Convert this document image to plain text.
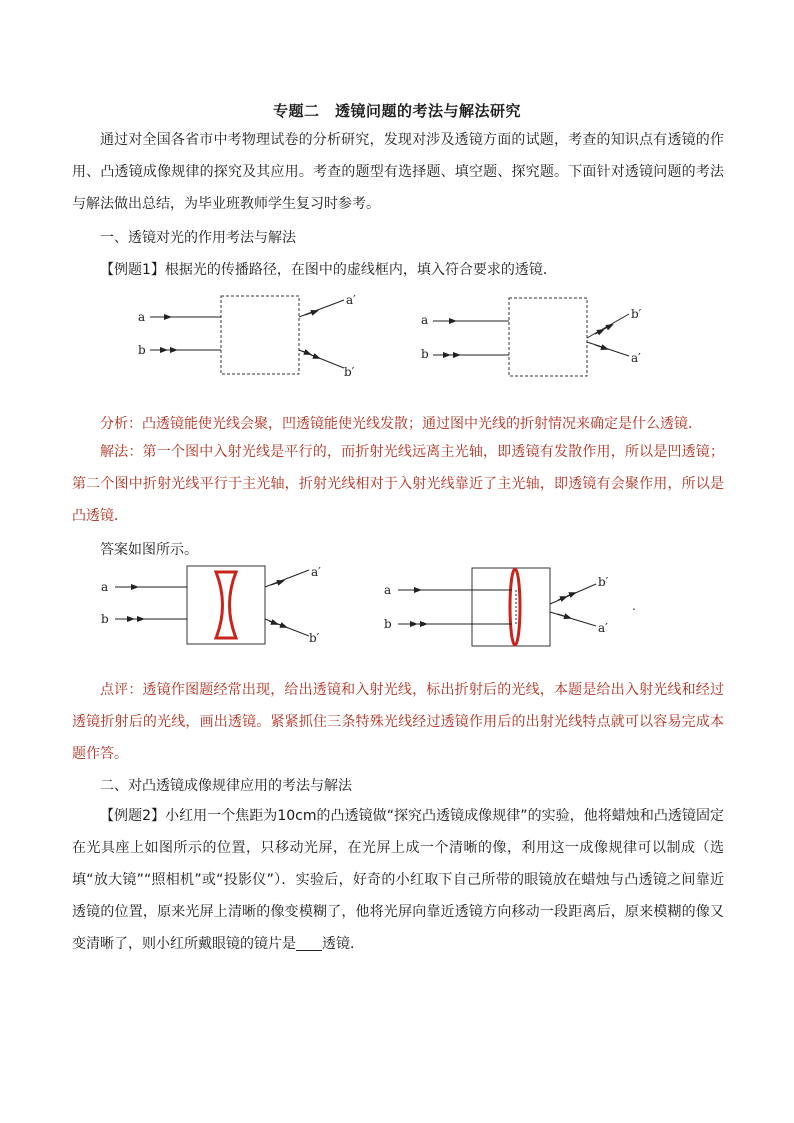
专题二　透镜问题的考法与解法研究

通过对全国各省市中考物理试卷的分析研究，发现对涉及透镜方面的试题，考查的知识点有透镜的作用、凸透镜成像规律的探究及其应用。考查的题型有选择题、填空题、探究题。下面针对透镜问题的考法与解法做出总结，为毕业班教师学生复习时参考。

一、透镜对光的作用考法与解法
【例题1】根据光的传播路径，在图中的虚线框内，填入符合要求的透镜．
a
b
a′
b′
a
b
b′
a′
分析：凸透镜能使光线会聚，凹透镜能使光线发散；通过图中光线的折射情况来确定是什么透镜．

解法：第一个图中入射光线是平行的，而折射光线远离主光轴，即透镜有发散作用，所以是凹透镜；第二个图中折射光线平行于主光轴，折射光线相对于入射光线靠近了主光轴，即透镜有会聚作用，所以是凸透镜．

答案如图所示。
a
b
a′
b′
a
b
b′
a′
.

点评：透镜作图题经常出现，给出透镜和入射光线，标出折射后的光线，本题是给出入射光线和经过透镜折射后的光线，画出透镜。紧紧抓住三条特殊光线经过透镜作用后的出射光线特点就可以容易完成本题作答。

二、对凸透镜成像规律应用的考法与解法

【例题2】小红用一个焦距为10cm的凸透镜做“探究凸透镜成像规律”的实验，他将蜡烛和凸透镜固定在光具座上如图所示的位置，只移动光屏，在光屏上成一个清晰的像，利用这一成像规律可以制成（选填“放大镜”“照相机”或“投影仪”）．实验后，好奇的小红取下自己所带的眼镜放在蜡烛与凸透镜之间靠近透镜的位置，原来光屏上清晰的像变模糊了，他将光屏向靠近透镜方向移动一段距离后，原来模糊的像又变清晰了，则小红所戴眼镜的镜片是 透镜．
